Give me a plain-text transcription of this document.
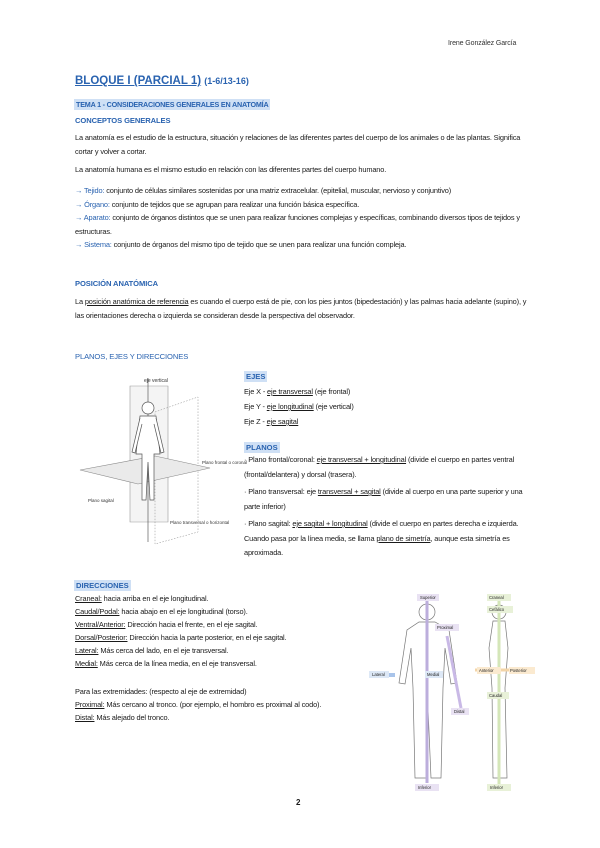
Irene González García
BLOQUE I (PARCIAL 1) (1-6/13-16)
TEMA 1 - CONSIDERACIONES GENERALES EN ANATOMÍA
CONCEPTOS GENERALES
La anatomía es el estudio de la estructura, situación y relaciones de las diferentes partes del cuerpo de los animales o de las plantas. Significa cortar y volver a cortar.
La anatomía humana es el mismo estudio en relación con las diferentes partes del cuerpo humano.
→ Tejido: conjunto de células similares sostenidas por una matriz extracelular. (epitelial, muscular, nervioso y conjuntivo)
→ Órgano: conjunto de tejidos que se agrupan para realizar una función básica específica.
→ Aparato: conjunto de órganos distintos que se unen para realizar funciones complejas y específicas, combinando diversos tipos de tejidos y estructuras.
→ Sistema: conjunto de órganos del mismo tipo de tejido que se unen para realizar una función compleja.
POSICIÓN ANATÓMICA
La posición anatómica de referencia es cuando el cuerpo está de pie, con los pies juntos (bipedestación) y las palmas hacia adelante (supino), y las orientaciones derecha o izquierda se consideran desde la perspectiva del observador.
PLANOS, EJES Y DIRECCIONES
eje vertical
Plano frontal o coronal
Plano sagital
Plano transversal o horizontal
EJES
Eje X - eje transversal (eje frontal)
Eje Y - eje longitudinal (eje vertical)
Eje Z - eje sagital
PLANOS
· Plano frontal/coronal: eje transversal + longitudinal (divide el cuerpo en partes ventral (frontal/delantera) y dorsal (trasera).
· Plano transversal: eje transversal + sagital (divide al cuerpo en una parte superior y una parte inferior)
· Plano sagital: eje sagital + longitudinal (divide el cuerpo en partes derecha e izquierda. Cuando pasa por la línea media, se llama plano de simetría, aunque esta simetría es aproximada.
DIRECCIONES
Craneal: hacia arriba en el eje longitudinal.
Caudal/Podal: hacia abajo en el eje longitudinal (torso).
Ventral/Anterior: Dirección hacia el frente, en el eje sagital.
Dorsal/Posterior: Dirección hacia la parte posterior, en el eje sagital.
Lateral: Más cerca del lado, en el eje transversal.
Medial: Más cerca de la línea media, en el eje transversal.
Para las extremidades: (respecto al eje de extremidad)
Proximal: Más cercano al tronco. (por ejemplo, el hombro es proximal al codo).
Distal: Más alejado del tronco.
Superior
Lateral	Medial
Proximal
Distal
Inferior
Anterior	Posterior
Craneal
Cefálico
Caudal
Inferior
2
